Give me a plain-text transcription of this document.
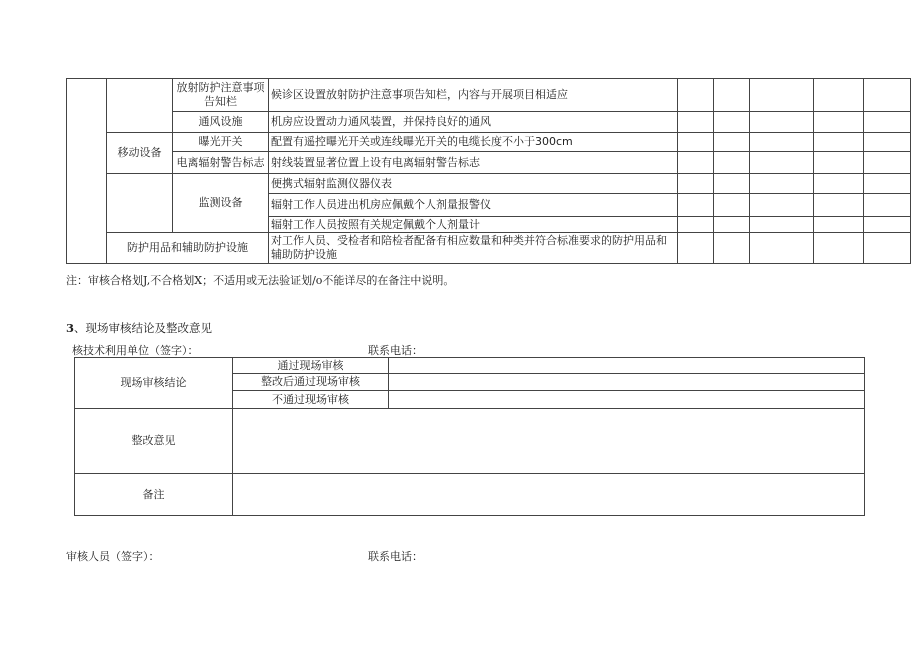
		放射防护注意事项告知栏	候诊区设置放射防护注意事项告知栏，内容与开展项目相适应					
		通风设施	机房应设置动力通风装置，并保持良好的通风					
	移动设备	曝光开关	配置有遥控曝光开关或连线曝光开关的电缆长度不小于300cm					
		电离辐射警告标志	射线装置显著位置上设有电离辐射警告标志					
		监测设备	便携式辐射监测仪器仪表					
			辐射工作人员进出机房应佩戴个人剂量报警仪					
			辐射工作人员按照有关规定佩戴个人剂量计					
	防护用品和辅助防护设施		对工作人员、受检者和陪检者配备有相应数量和种类并符合标准要求的防护用品和辅助防护设施					
注：审核合格划J,不合格划X；不适用或无法验证划/o不能详尽的在备注中说明。
3、现场审核结论及整改意见
核技术利用单位（签字）：	联系电话：
现场审核结论	通过现场审核	
	整改后通过现场审核	
	不通过现场审核	
整改意见		
备注		
审核人员（签字）：	联系电话：
